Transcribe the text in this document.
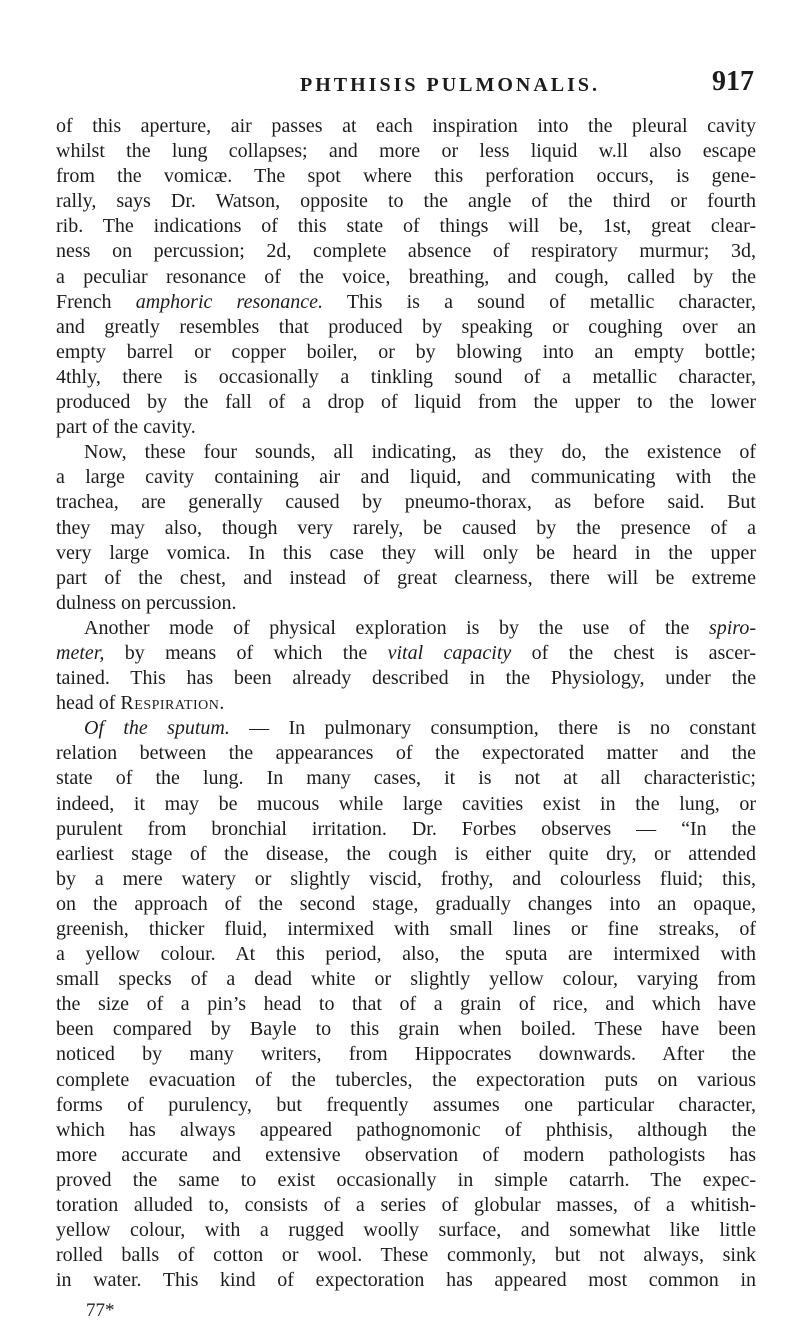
PHTHISIS PULMONALIS.	917
of this aperture, air passes at each inspiration into the pleural cavity
whilst the lung collapses; and more or less liquid w.ll also escape
from the vomicæ. The spot where this perforation occurs, is gene-
rally, says Dr. Watson, opposite to the angle of the third or fourth
rib. The indications of this state of things will be, 1st, great clear-
ness on percussion; 2d, complete absence of respiratory murmur; 3d,
a peculiar resonance of the voice, breathing, and cough, called by the
French amphoric resonance. This is a sound of metallic character,
and greatly resembles that produced by speaking or coughing over an
empty barrel or copper boiler, or by blowing into an empty bottle;
4thly, there is occasionally a tinkling sound of a metallic character,
produced by the fall of a drop of liquid from the upper to the lower
part of the cavity.
Now, these four sounds, all indicating, as they do, the existence of
a large cavity containing air and liquid, and communicating with the
trachea, are generally caused by pneumo-thorax, as before said. But
they may also, though very rarely, be caused by the presence of a
very large vomica. In this case they will only be heard in the upper
part of the chest, and instead of great clearness, there will be extreme
dulness on percussion.
Another mode of physical exploration is by the use of the spiro-
meter, by means of which the vital capacity of the chest is ascer-
tained. This has been already described in the Physiology, under the
head of Respiration.
Of the sputum. — In pulmonary consumption, there is no constant
relation between the appearances of the expectorated matter and the
state of the lung. In many cases, it is not at all characteristic;
indeed, it may be mucous while large cavities exist in the lung, or
purulent from bronchial irritation. Dr. Forbes observes — “In the
earliest stage of the disease, the cough is either quite dry, or attended
by a mere watery or slightly viscid, frothy, and colourless fluid; this,
on the approach of the second stage, gradually changes into an opaque,
greenish, thicker fluid, intermixed with small lines or fine streaks, of
a yellow colour. At this period, also, the sputa are intermixed with
small specks of a dead white or slightly yellow colour, varying from
the size of a pin’s head to that of a grain of rice, and which have
been compared by Bayle to this grain when boiled. These have been
noticed by many writers, from Hippocrates downwards. After the
complete evacuation of the tubercles, the expectoration puts on various
forms of purulency, but frequently assumes one particular character,
which has always appeared pathognomonic of phthisis, although the
more accurate and extensive observation of modern pathologists has
proved the same to exist occasionally in simple catarrh. The expec-
toration alluded to, consists of a series of globular masses, of a whitish-
yellow colour, with a rugged woolly surface, and somewhat like little
rolled balls of cotton or wool. These commonly, but not always, sink
in water. This kind of expectoration has appeared most common in
77*
